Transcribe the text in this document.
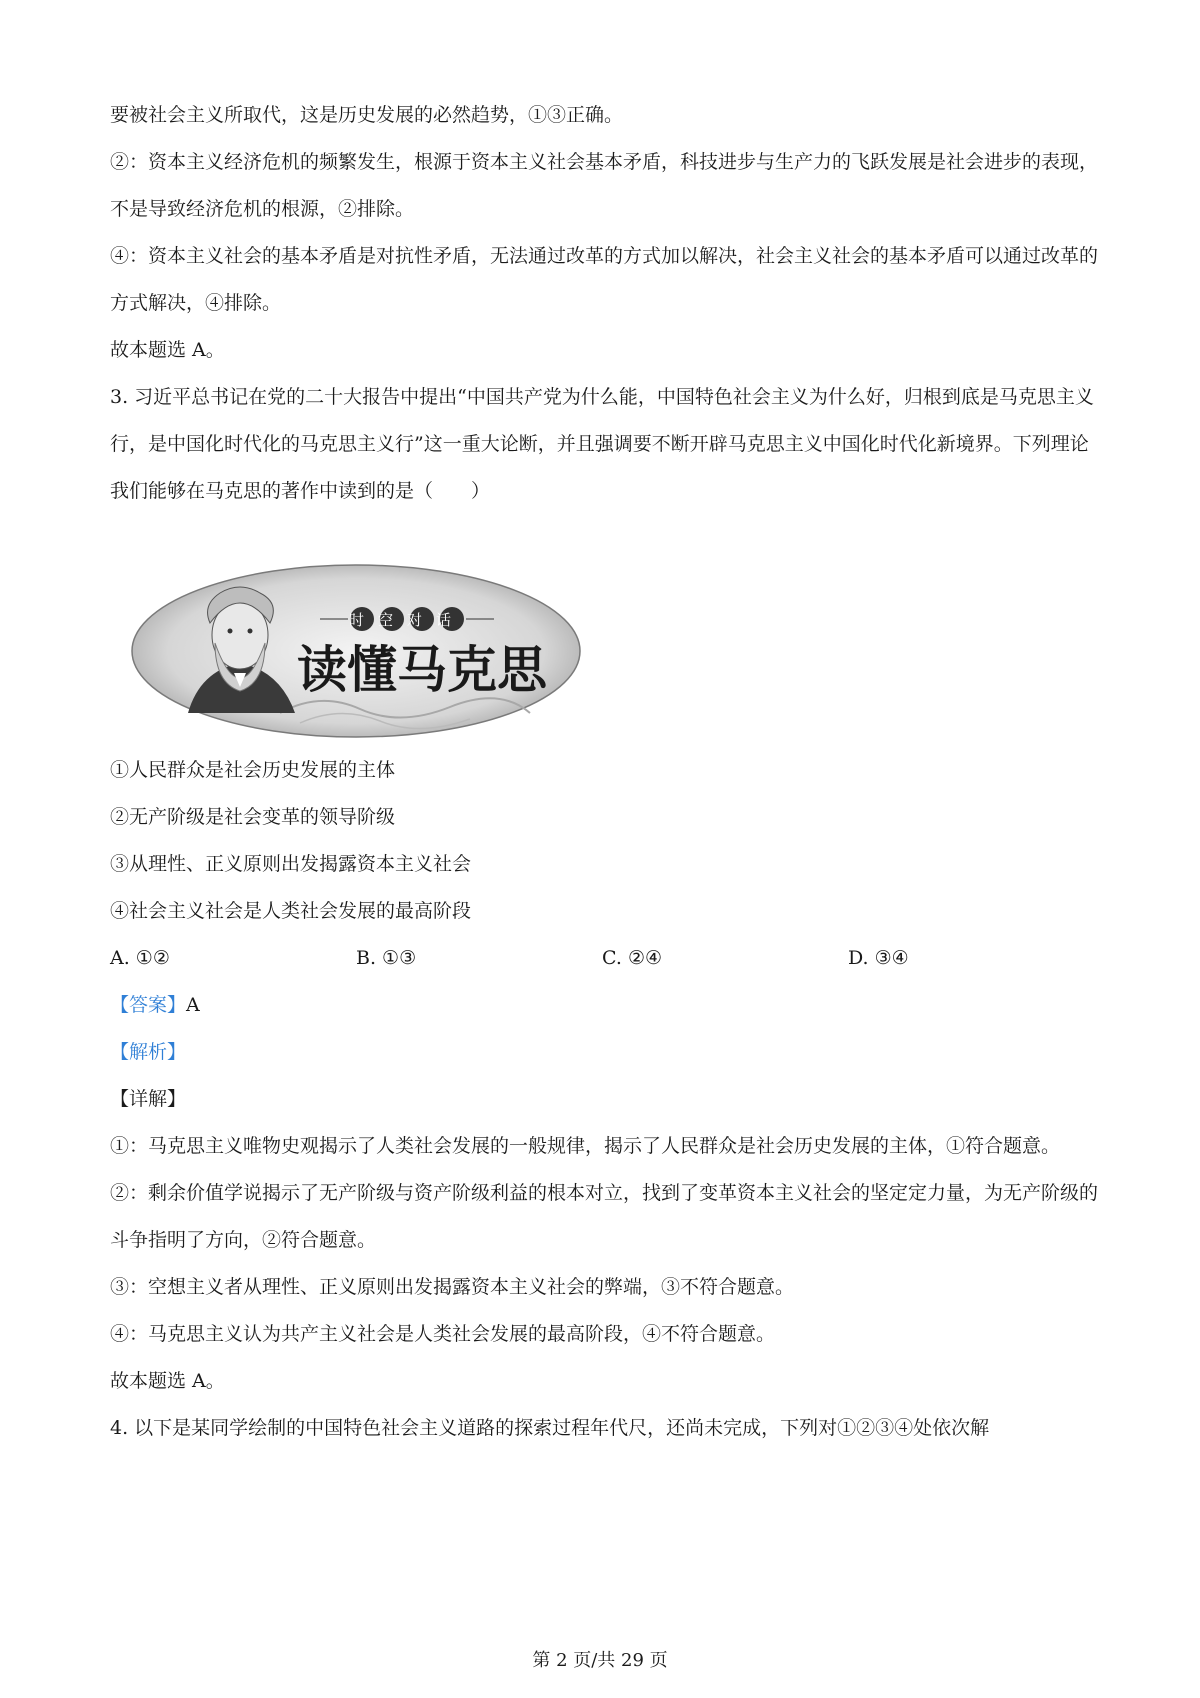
要被社会主义所取代，这是历史发展的必然趋势，①③正确。

②：资本主义经济危机的频繁发生，根源于资本主义社会基本矛盾，科技进步与生产力的飞跃发展是社会进步的表现，不是导致经济危机的根源，②排除。

④：资本主义社会的基本矛盾是对抗性矛盾，无法通过改革的方式加以解决，社会主义社会的基本矛盾可以通过改革的方式解决，④排除。

故本题选 A。

3. 习近平总书记在党的二十大报告中提出“中国共产党为什么能，中国特色社会主义为什么好，归根到底是马克思主义行，是中国化时代化的马克思主义行”这一重大论断，并且强调要不断开辟马克思主义中国化时代化新境界。下列理论我们能够在马克思的著作中读到的是（　　）

时空对话
读懂马克思

①人民群众是社会历史发展的主体

②无产阶级是社会变革的领导阶级

③从理性、正义原则出发揭露资本主义社会

④社会主义社会是人类社会发展的最高阶段

A. ①②	B. ①③	C. ②④	D. ③④

【答案】A

【解析】

【详解】

①：马克思主义唯物史观揭示了人类社会发展的一般规律，揭示了人民群众是社会历史发展的主体，①符合题意。

②：剩余价值学说揭示了无产阶级与资产阶级利益的根本对立，找到了变革资本主义社会的坚定定力量，为无产阶级的斗争指明了方向，②符合题意。

③：空想主义者从理性、正义原则出发揭露资本主义社会的弊端，③不符合题意。

④：马克思主义认为共产主义社会是人类社会发展的最高阶段，④不符合题意。

故本题选 A。

4. 以下是某同学绘制的中国特色社会主义道路的探索过程年代尺，还尚未完成，下列对①②③④处依次解

第 2 页/共 29 页
